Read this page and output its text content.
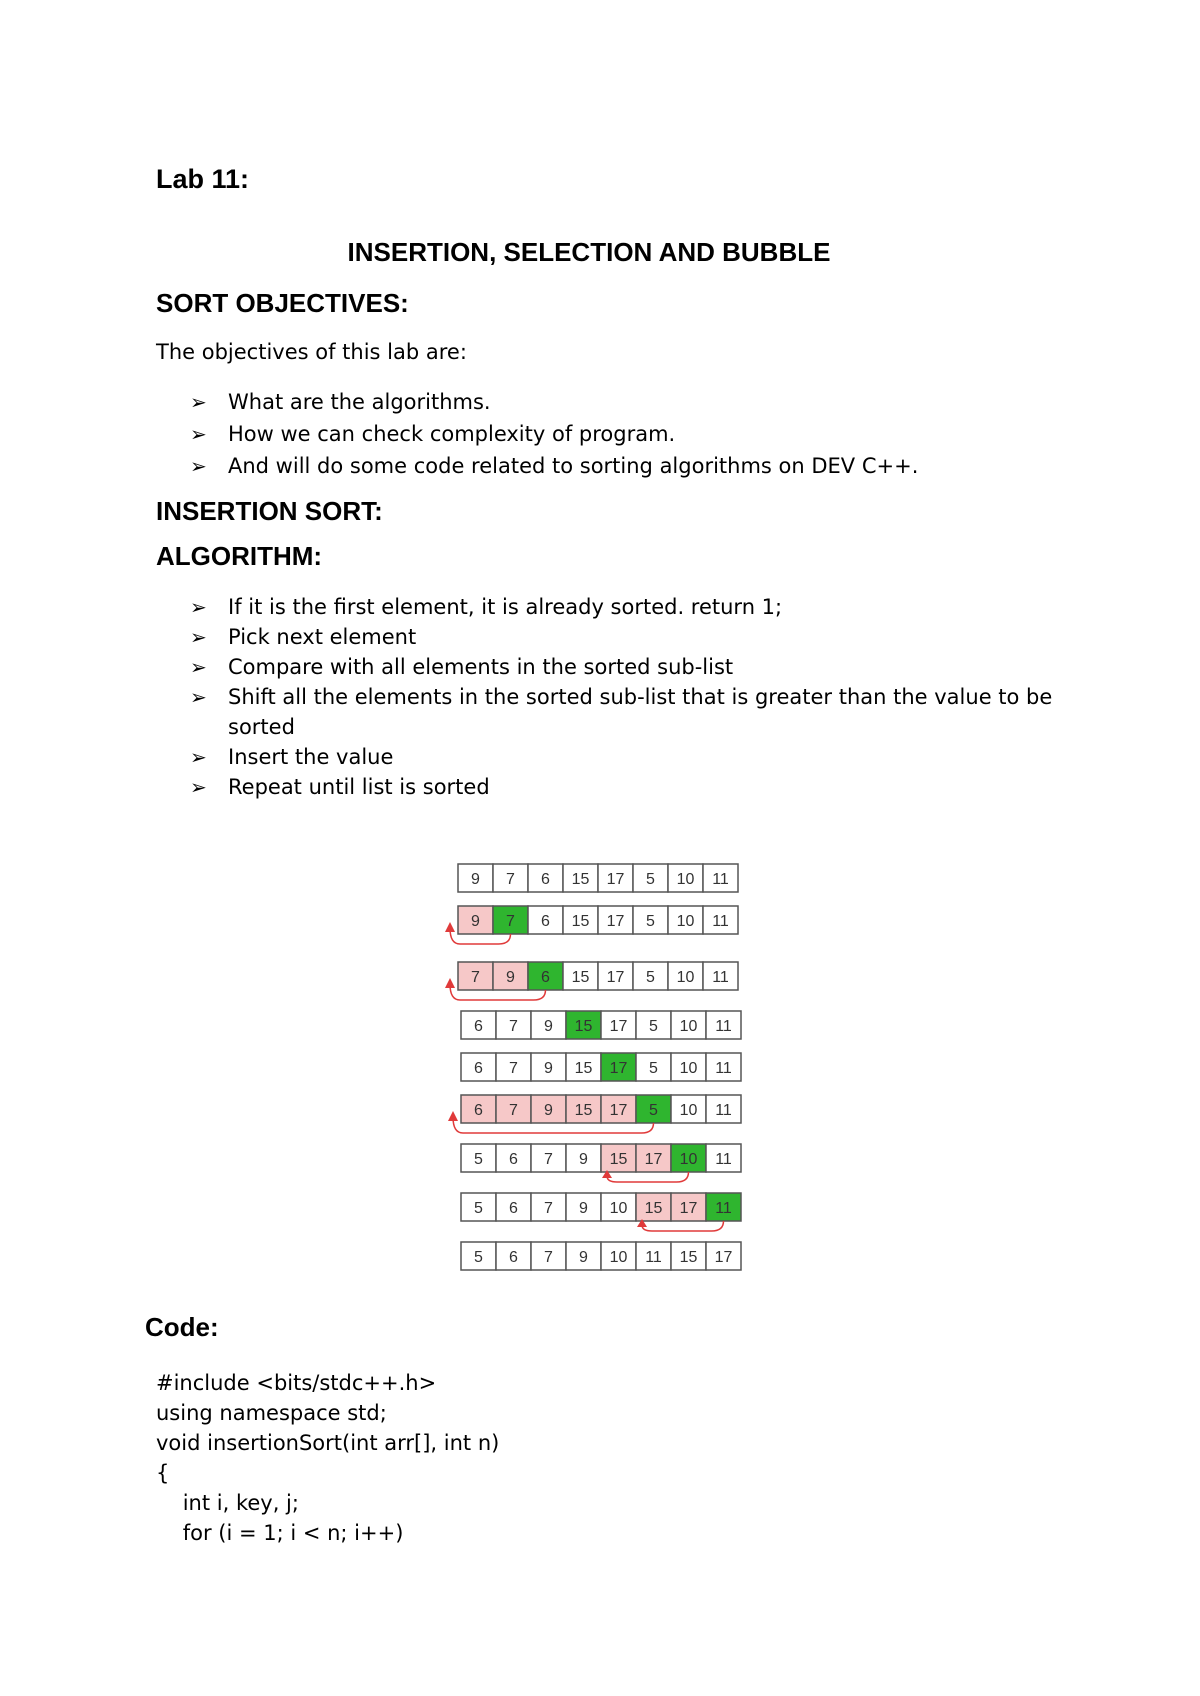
Lab 11:
INSERTION, SELECTION AND BUBBLE
SORT OBJECTIVES:
The objectives of this lab are:
➢ What are the algorithms.
➢ How we can check complexity of program.
➢ And will do some code related to sorting algorithms on DEV C++.
INSERTION SORT:
ALGORITHM:
➢ If it is the first element, it is already sorted. return 1;
➢ Pick next element
➢ Compare with all elements in the sorted sub-list
➢ Shift all the elements in the sorted sub-list that is greater than the value to be sorted
➢ Insert the value
➢ Repeat until list is sorted
9 7 6 15 17 5 10 11
9 7 6 15 17 5 10 11
7 9 6 15 17 5 10 11
6 7 9 15 17 5 10 11
6 7 9 15 17 5 10 11
6 7 9 15 17 5 10 11
5 6 7 9 15 17 10 11
5 6 7 9 10 15 17 11
5 6 7 9 10 11 15 17
Code:
#include <bits/stdc++.h>
using namespace std;
void insertionSort(int arr[], int n)
{
int i, key, j;
for (i = 1; i < n; i++)
